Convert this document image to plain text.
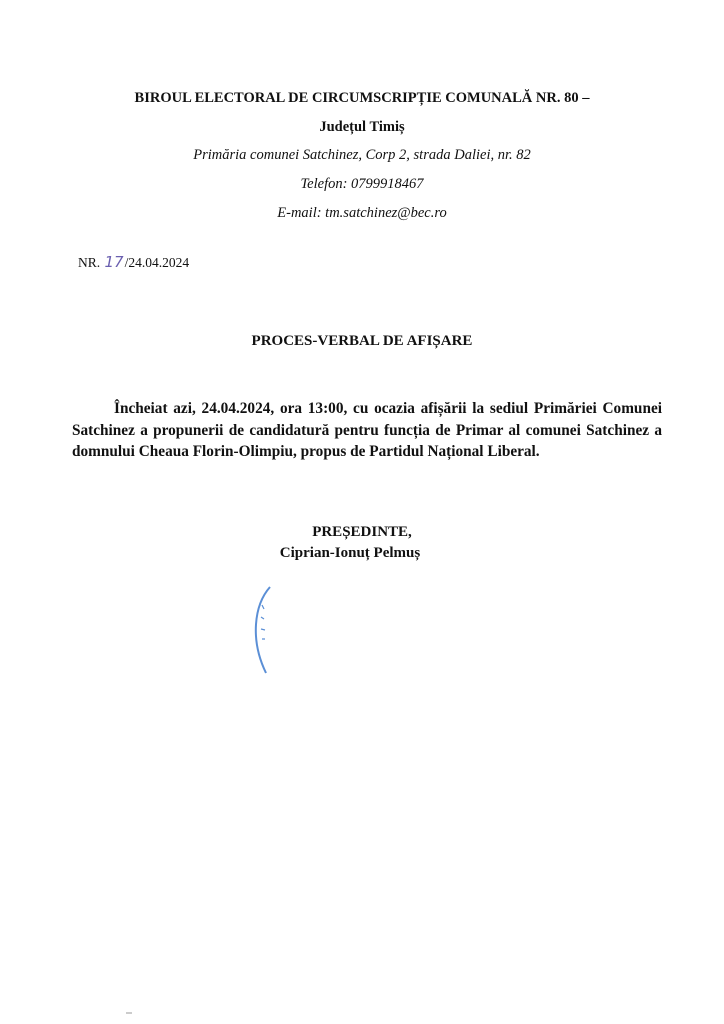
BIROUL ELECTORAL DE CIRCUMSCRIPȚIE COMUNALĂ NR. 80 –
Județul Timiș
Primăria comunei Satchinez, Corp 2, strada Daliei, nr. 82
Telefon: 0799918467
E-mail: tm.satchinez@bec.ro
NR. 17/24.04.2024
PROCES-VERBAL DE AFIȘARE
Încheiat azi, 24.04.2024, ora 13:00, cu ocazia afișării la sediul Primăriei Comunei Satchinez a propunerii de candidatură pentru funcția de Primar al comunei Satchinez a domnului Cheaua Florin-Olimpiu, propus de Partidul Național Liberal.
PREȘEDINTE,
Ciprian-Ionuț Pelmuș
